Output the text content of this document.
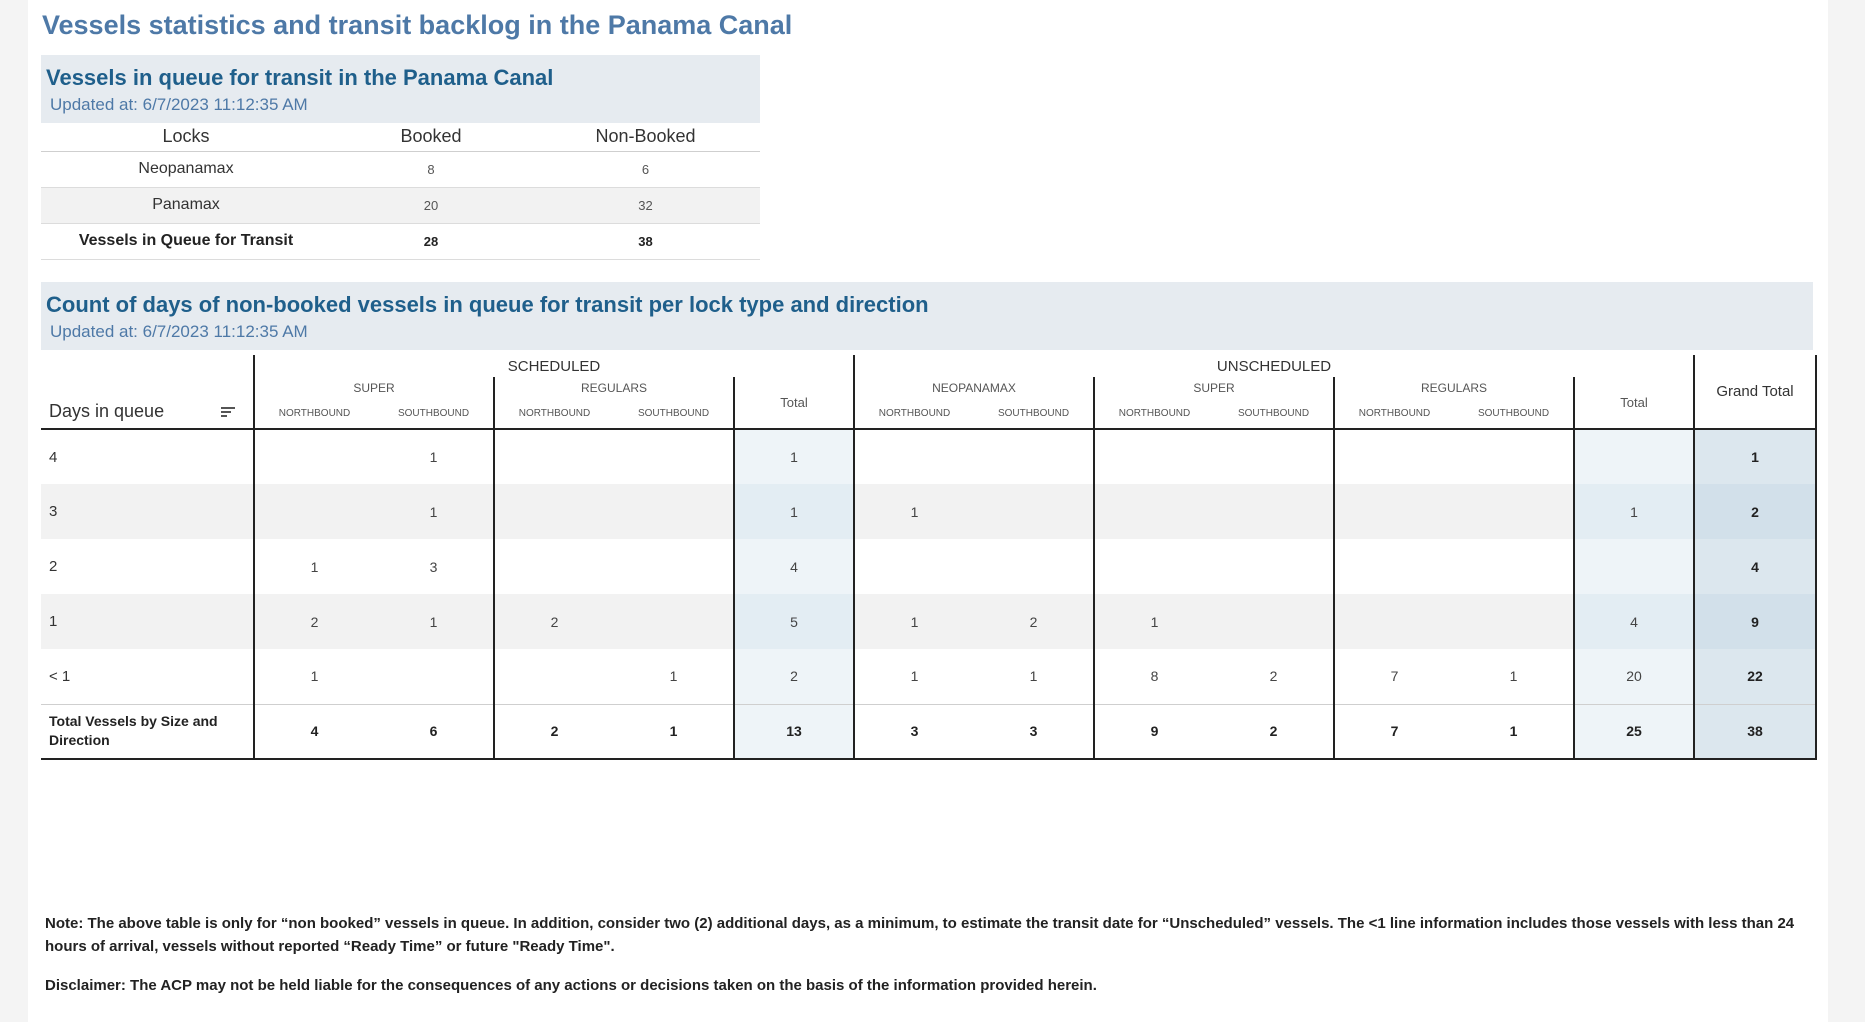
Vessels statistics and transit backlog in the Panama Canal
Vessels in queue for transit in the Panama Canal
Updated at: 6/7/2023 11:12:35 AM
Locks	Booked	Non-Booked
Neopanamax	8	6
Panamax	20	32
Vessels in Queue for Transit	28	38
Count of days of non-booked vessels in queue for transit per lock type and direction
Updated at: 6/7/2023 11:12:35 AM
Days in queue	SCHEDULED					UNSCHEDULED							Grand Total
	SUPER		REGULARS		Total	NEOPANAMAX		SUPER		REGULARS		Total	
	NORTHBOUND	SOUTHBOUND	NORTHBOUND	SOUTHBOUND		NORTHBOUND	SOUTHBOUND	NORTHBOUND	SOUTHBOUND	NORTHBOUND	SOUTHBOUND		
4		1			1								1
3		1			1	1						1	2
2	1	3			4								4
1	2	1	2		5	1	2	1				4	9
< 1	1			1	2	1	1	8	2	7	1	20	22
Total Vessels by Size and Direction	4	6	2	1	13	3	3	9	2	7	1	25	38
Note: The above table is only for “non booked” vessels in queue. In addition, consider two (2) additional days, as a minimum, to estimate the transit date for “Unscheduled” vessels. The <1 line information includes those vessels with less than 24 hours of arrival, vessels without reported “Ready Time” or future "Ready Time".
Disclaimer: The ACP may not be held liable for the consequences of any actions or decisions taken on the basis of the information provided herein.
